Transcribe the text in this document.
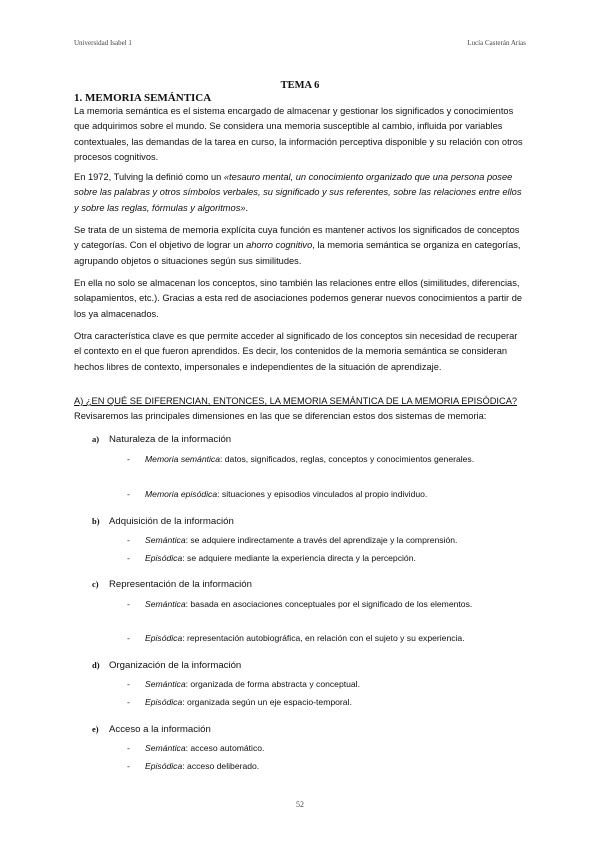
Universidad Isabel 1	Lucía Casterán Arias
TEMA 6
1. MEMORIA SEMÁNTICA

La memoria semántica es el sistema encargado de almacenar y gestionar los significados y conocimientos que adquirimos sobre el mundo. Se considera una memoria susceptible al cambio, influida por variables contextuales, las demandas de la tarea en curso, la información perceptiva disponible y su relación con otros procesos cognitivos.

En 1972, Tulving la definió como un «tesauro mental, un conocimiento organizado que una persona posee sobre las palabras y otros símbolos verbales, su significado y sus referentes, sobre las relaciones entre ellos y sobre las reglas, fórmulas y algoritmos».

Se trata de un sistema de memoria explícita cuya función es mantener activos los significados de conceptos y categorías. Con el objetivo de lograr un ahorro cognitivo, la memoria semántica se organiza en categorías, agrupando objetos o situaciones según sus similitudes.

En ella no solo se almacenan los conceptos, sino también las relaciones entre ellos (similitudes, diferencias, solapamientos, etc.). Gracias a esta red de asociaciones podemos generar nuevos conocimientos a partir de los ya almacenados.

Otra característica clave es que permite acceder al significado de los conceptos sin necesidad de recuperar el contexto en el que fueron aprendidos. Es decir, los contenidos de la memoria semántica se consideran hechos libres de contexto, impersonales e independientes de la situación de aprendizaje.

A) ¿EN QUÉ SE DIFERENCIAN, ENTONCES, LA MEMORIA SEMÁNTICA DE LA MEMORIA EPISÓDICA?
Revisaremos las principales dimensiones en las que se diferencian estos dos sistemas de memoria:
a) Naturaleza de la información
- Memoria semántica: datos, significados, reglas, conceptos y conocimientos generales.
- Memoria episódica: situaciones y episodios vinculados al propio individuo.
b) Adquisición de la información
- Semántica: se adquiere indirectamente a través del aprendizaje y la comprensión.
- Episódica: se adquiere mediante la experiencia directa y la percepción.
c) Representación de la información
- Semántica: basada en asociaciones conceptuales por el significado de los elementos.
- Episódica: representación autobiográfica, en relación con el sujeto y su experiencia.
d) Organización de la información
- Semántica: organizada de forma abstracta y conceptual.
- Episódica: organizada según un eje espacio-temporal.
e) Acceso a la información
- Semántica: acceso automático.
- Episódica: acceso deliberado.
52
